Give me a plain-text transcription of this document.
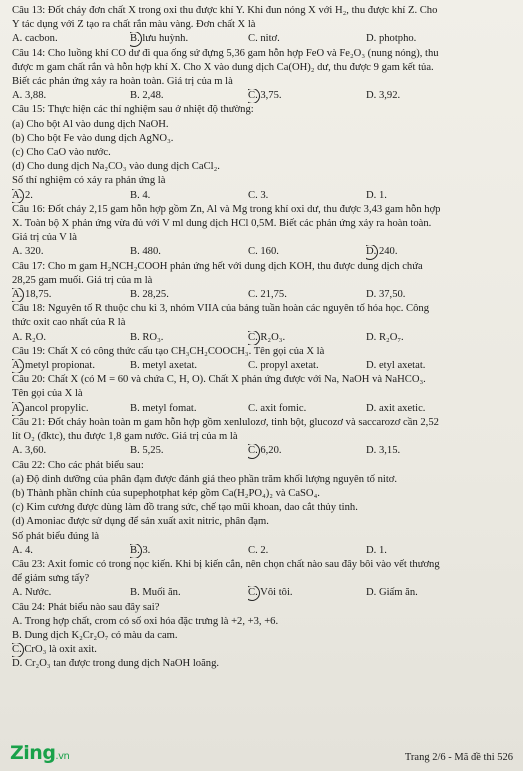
Câu 13: Đốt cháy đơn chất X trong oxi thu được khí Y. Khi đun nóng X với H₂, thu được khí Z. Cho
Y tác dụng với Z tạo ra chất rắn màu vàng. Đơn chất X là
A. cacbon.	B. lưu huỳnh.	C. nitơ.	D. photpho.
Câu 14: Cho luồng khí CO dư đi qua ống sứ đựng 5,36 gam hỗn hợp FeO và Fe₂O₃ (nung nóng), thu
được m gam chất rắn và hỗn hợp khí X. Cho X vào dung dịch Ca(OH)₂ dư, thu được 9 gam kết tủa.
Biết các phản ứng xảy ra hoàn toàn. Giá trị của m là
A. 3,88.	B. 2,48.	C. 3,75.	D. 3,92.
Câu 15: Thực hiện các thí nghiệm sau ở nhiệt độ thường:
(a) Cho bột Al vào dung dịch NaOH.
(b) Cho bột Fe vào dung dịch AgNO₃.
(c) Cho CaO vào nước.
(d) Cho dung dịch Na₂CO₃ vào dung dịch CaCl₂.
Số thí nghiệm có xảy ra phản ứng là
A. 2.	B. 4.	C. 3.	D. 1.
Câu 16: Đốt cháy 2,15 gam hỗn hợp gồm Zn, Al và Mg trong khí oxi dư, thu được 3,43 gam hỗn hợp
X. Toàn bộ X phản ứng vừa đủ với V ml dung dịch HCl 0,5M. Biết các phản ứng xảy ra hoàn toàn.
Giá trị của V là
A. 320.	B. 480.	C. 160.	D. 240.
Câu 17: Cho m gam H₂NCH₂COOH phản ứng hết với dung dịch KOH, thu được dung dịch chứa
28,25 gam muối. Giá trị của m là
A. 18,75.	B. 28,25.	C. 21,75.	D. 37,50.
Câu 18: Nguyên tố R thuộc chu kì 3, nhóm VIIA của bảng tuần hoàn các nguyên tố hóa học. Công
thức oxit cao nhất của R là
A. R₂O.	B. RO₃.	C. R₂O₃.	D. R₂O₇.
Câu 19: Chất X có công thức cấu tạo CH₃CH₂COOCH₃. Tên gọi của X là
A. metyl propionat.	B. metyl axetat.	C. propyl axetat.	D. etyl axetat.
Câu 20: Chất X (có M = 60 và chứa C, H, O). Chất X phản ứng được với Na, NaOH và NaHCO₃.
Tên gọi của X là
A. ancol propylic.	B. metyl fomat.	C. axit fomic.	D. axit axetic.
Câu 21: Đốt cháy hoàn toàn m gam hỗn hợp gồm xenlulozơ, tinh bột, glucozơ và saccarozơ cần 2,52
lít O₂ (đktc), thu được 1,8 gam nước. Giá trị của m là
A. 3,60.	B. 5,25.	C. 6,20.	D. 3,15.
Câu 22: Cho các phát biểu sau:
(a) Độ dinh dưỡng của phân đạm được đánh giá theo phần trăm khối lượng nguyên tố nitơ.
(b) Thành phần chính của supephotphat kép gồm Ca(H₂PO₄)₂ và CaSO₄.
(c) Kim cương được dùng làm đồ trang sức, chế tạo mũi khoan, dao cắt thủy tinh.
(d) Amoniac được sử dụng để sản xuất axit nitric, phân đạm.
Số phát biểu đúng là
A. 4.	B. 3.	C. 2.	D. 1.
Câu 23: Axit fomic có trong nọc kiến. Khi bị kiến cắn, nên chọn chất nào sau đây bôi vào vết thương
để giảm sưng tấy?
A. Nước.	B. Muối ăn.	C. Vôi tôi.	D. Giấm ăn.
Câu 24: Phát biểu nào sau đây sai?
A. Trong hợp chất, crom có số oxi hóa đặc trưng là +2, +3, +6.
B. Dung dịch K₂Cr₂O₇ có màu da cam.
C. CrO₃ là oxit axit.
D. Cr₂O₃ tan được trong dung dịch NaOH loãng.
Zing.vn	Trang 2/6 - Mã đề thi 526
